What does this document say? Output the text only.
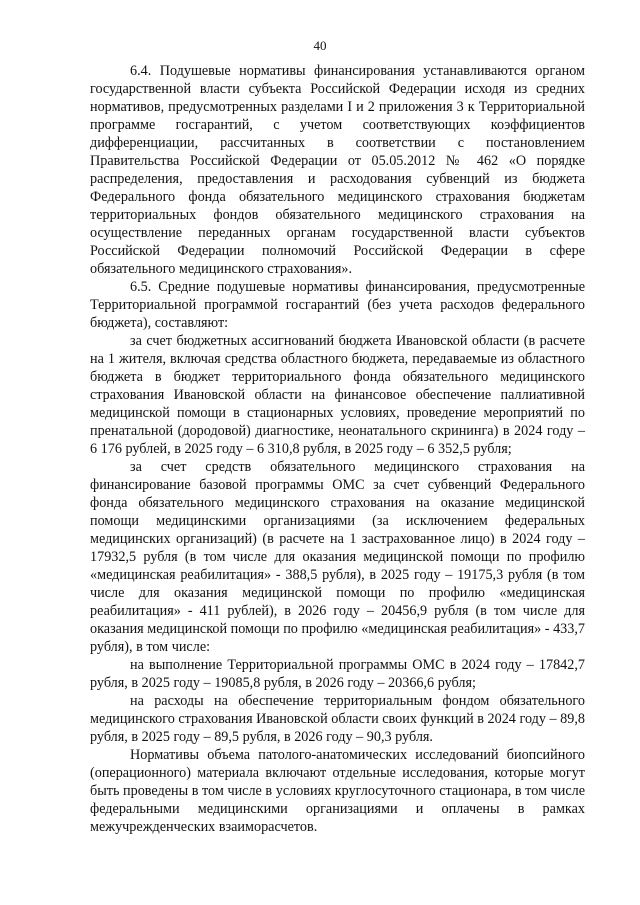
40

6.4. Подушевые нормативы финансирования устанавливаются органом государственной власти субъекта Российской Федерации исходя из средних нормативов, предусмотренных разделами I и 2 приложения 3 к Территориальной программе госгарантий, с учетом соответствующих коэффициентов дифференциации, рассчитанных в соответствии с постановлением Правительства Российской Федерации от 05.05.2012 № 462 «О порядке распределения, предоставления и расходования субвенций из бюджета Федерального фонда обязательного медицинского страхования бюджетам территориальных фондов обязательного медицинского страхования на осуществление переданных органам государственной власти субъектов Российской Федерации полномочий Российской Федерации в сфере обязательного медицинского страхования».

6.5. Средние подушевые нормативы финансирования, предусмотренные Территориальной программой госгарантий (без учета расходов федерального бюджета), составляют:

за счет бюджетных ассигнований бюджета Ивановской области (в расчете на 1 жителя, включая средства областного бюджета, передаваемые из областного бюджета в бюджет территориального фонда обязательного медицинского страхования Ивановской области на финансовое обеспечение паллиативной медицинской помощи в стационарных условиях, проведение мероприятий по пренатальной (дородовой) диагностике, неонатального скрининга) в 2024 году – 6 176 рублей, в 2025 году – 6 310,8 рубля, в 2025 году – 6 352,5 рубля;

за счет средств обязательного медицинского страхования на финансирование базовой программы ОМС за счет субвенций Федерального фонда обязательного медицинского страхования на оказание медицинской помощи медицинскими организациями (за исключением федеральных медицинских организаций) (в расчете на 1 застрахованное лицо) в 2024 году – 17932,5 рубля (в том числе для оказания медицинской помощи по профилю «медицинская реабилитация» - 388,5 рубля), в 2025 году – 19175,3 рубля (в том числе для оказания медицинской помощи по профилю «медицинская реабилитация» - 411 рублей), в 2026 году – 20456,9 рубля (в том числе для оказания медицинской помощи по профилю «медицинская реабилитация» - 433,7 рубля), в том числе:

на выполнение Территориальной программы ОМС в 2024 году – 17842,7 рубля, в 2025 году – 19085,8 рубля, в 2026 году – 20366,6 рубля;

на расходы на обеспечение территориальным фондом обязательного медицинского страхования Ивановской области своих функций в 2024 году – 89,8 рубля, в 2025 году – 89,5 рубля, в 2026 году – 90,3 рубля.

Нормативы объема патолого-анатомических исследований биопсийного (операционного) материала включают отдельные исследования, которые могут быть проведены в том числе в условиях круглосуточного стационара, в том числе федеральными медицинскими организациями и оплачены в рамках межучрежденческих взаиморасчетов.
